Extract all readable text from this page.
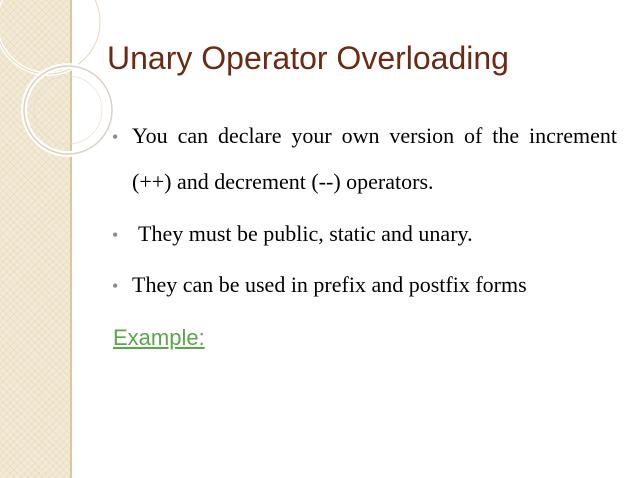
Unary Operator Overloading
• You can declare your own version of the increment (++) and decrement (--) operators.
• They must be public, static and unary.
• They can be used in prefix and postfix forms
Example:
